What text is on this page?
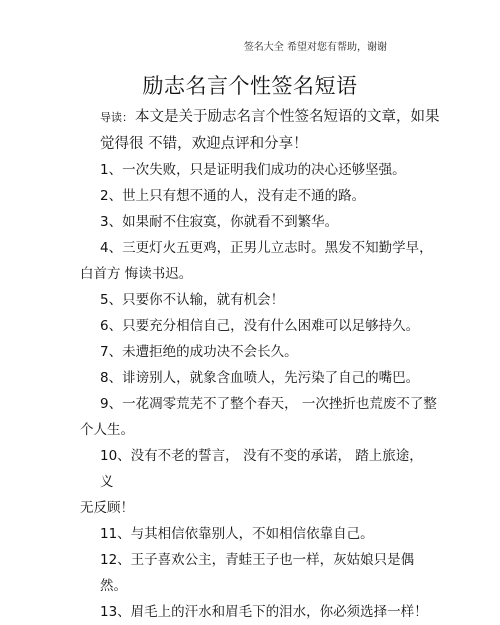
签名大全 希望对您有帮助，谢谢
励志名言个性签名短语
导读： 本文是关于励志名言个性签名短语的文章，如果觉得很 不错，欢迎点评和分享！
1、一次失败，只是证明我们成功的决心还够坚强。
2、世上只有想不通的人，没有走不通的路。
3、如果耐不住寂寞，你就看不到繁华。
4、三更灯火五更鸡，正男儿立志时。黑发不知勤学早，
白首方 悔读书迟。
5、只要你不认输，就有机会！
6、只要充分相信自己，没有什么困难可以足够持久。
7、未遭拒绝的成功决不会长久。
8、诽谤别人，就象含血喷人，先污染了自己的嘴巴。
9、一花凋零荒芜不了整个春天， 一次挫折也荒废不了整
个人生。
10、没有不老的誓言， 没有不变的承诺， 踏上旅途， 义
无反顾！
11、与其相信依靠别人，不如相信依靠自己。
12、王子喜欢公主，青蛙王子也一样，灰姑娘只是偶然。
13、眉毛上的汗水和眉毛下的泪水，你必须选择一样！
